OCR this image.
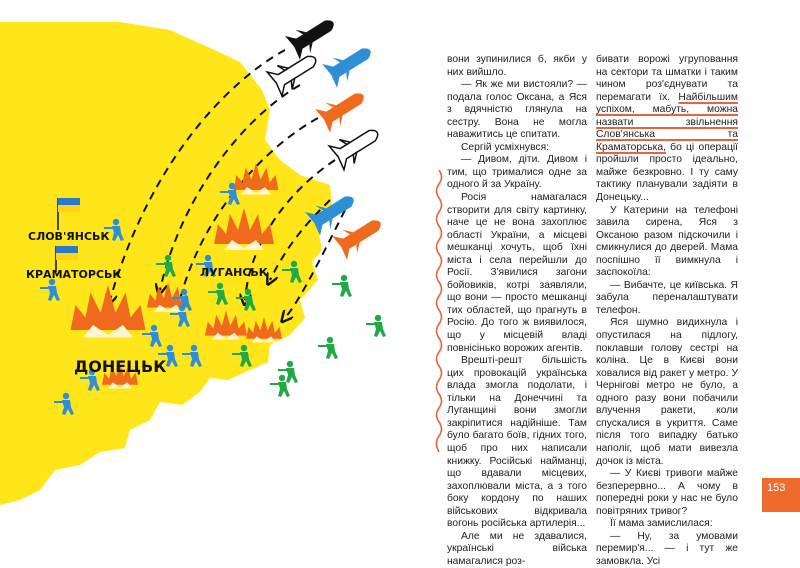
СЛОВ'ЯНСЬК
КРАМАТОРСЬК	ЛУГАНСЬК
ДОНЕЦЬК

вони зупинилися б, якби у них вийшло.

— Як же ми вистояли? — подала голос Оксана, а Яся з вдячністю глянула на сестру. Вона не могла наважитись це спитати.

Сергій усміхнувся:

— Дивом, діти. Дивом і тим, що трималися одне за одного й за Україну.

Росія намагалася створити для світу картинку, наче це не вона захоплює області України, а місцеві мешканці хочуть, щоб їхні міста і села перейшли до Росії. З'явилися загони бойовиків, котрі заявляли, що вони — просто мешканці тих областей, що прагнуть в Росію. До того ж виявилося, що у місцевій владі повнісінько ворожих агентів.

Врешті-решт більшість цих провокацій українська влада змогла подолати, і тільки на Донеччині та Луганщині вони змогли закріпитися надійніше. Там було багато боїв, гідних того, щоб про них написали книжку. Російські найманці, що вдавали місцевих, захоплювали міста, а з того боку кордону по наших військових відкривала вогонь російська артилерія...

Але ми не здавалися, українські війська намагалися роз-

бивати ворожі угруповання на сектори та шматки і таким чином роз'єднувати та перемагати їх. Найбільшим успіхом, мабуть, можна назвати звільнення Слов'янська та Краматорська, бо ці операції пройшли просто ідеально, майже безкровно. І ту саму тактику планували задіяти в Донецьку...

У Катерини на телефоні завила сирена, Яся з Оксаною разом підскочили і смикнулися до дверей. Мама поспішно її вимкнула і заспокоїла:

— Вибачте, це київська. Я забула переналаштувати телефон.

Яся шумно видихнула і опустилася на підлогу, поклавши голову сестрі на коліна. Це в Києві вони ховалися від ракет у метро. У Чернігові метро не було, а одного разу вони побачили влучення ракети, коли спускалися в укриття. Саме після того випадку батько наполіг, щоб мати вивезла дочок із міста.

— У Києві тривоги майже безперервно... А чому в попередні роки у нас не було повітряних тривог?

Її мама замислилася:

— Ну, за умовами перемир'я... — і тут же замовкла. Усі

153
